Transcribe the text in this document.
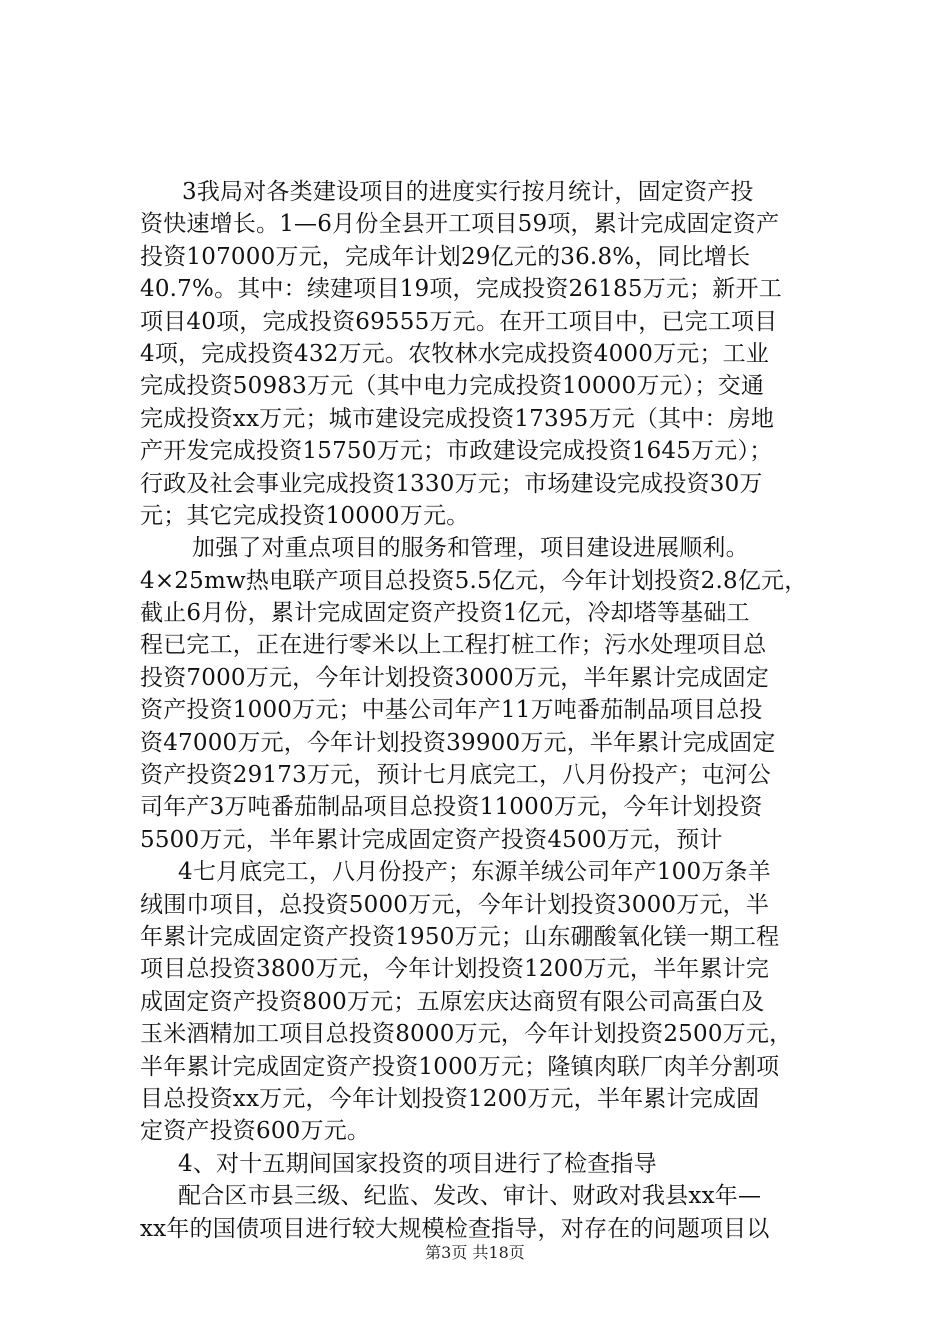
3我局对各类建设项目的进度实行按月统计，固定资产投
资快速增长。1—6月份全县开工项目59项，累计完成固定资产
投资107000万元，完成年计划29亿元的36.8%，同比增长
40.7%。其中：续建项目19项，完成投资26185万元；新开工
项目40项，完成投资69555万元。在开工项目中，已完工项目
4项，完成投资432万元。农牧林水完成投资4000万元；工业
完成投资50983万元（其中电力完成投资10000万元）；交通
完成投资xx万元；城市建设完成投资17395万元（其中：房地
产开发完成投资15750万元；市政建设完成投资1645万元）；
行政及社会事业完成投资1330万元；市场建设完成投资30万
元；其它完成投资10000万元。
加强了对重点项目的服务和管理，项目建设进展顺利。
4×25mw热电联产项目总投资5.5亿元，今年计划投资2.8亿元，
截止6月份，累计完成固定资产投资1亿元，冷却塔等基础工
程已完工，正在进行零米以上工程打桩工作；污水处理项目总
投资7000万元，今年计划投资3000万元，半年累计完成固定
资产投资1000万元；中基公司年产11万吨番茄制品项目总投
资47000万元，今年计划投资39900万元，半年累计完成固定
资产投资29173万元，预计七月底完工，八月份投产；屯河公
司年产3万吨番茄制品项目总投资11000万元，今年计划投资
5500万元，半年累计完成固定资产投资4500万元，预计
4七月底完工，八月份投产；东源羊绒公司年产100万条羊
绒围巾项目，总投资5000万元，今年计划投资3000万元，半
年累计完成固定资产投资1950万元；山东硼酸氧化镁一期工程
项目总投资3800万元，今年计划投资1200万元，半年累计完
成固定资产投资800万元；五原宏庆达商贸有限公司高蛋白及
玉米酒精加工项目总投资8000万元，今年计划投资2500万元，
半年累计完成固定资产投资1000万元；隆镇肉联厂肉羊分割项
目总投资xx万元，今年计划投资1200万元，半年累计完成固
定资产投资600万元。
4、对十五期间国家投资的项目进行了检查指导
配合区市县三级、纪监、发改、审计、财政对我县xx年—
xx年的国债项目进行较大规模检查指导，对存在的问题项目以
第3页 共18页
